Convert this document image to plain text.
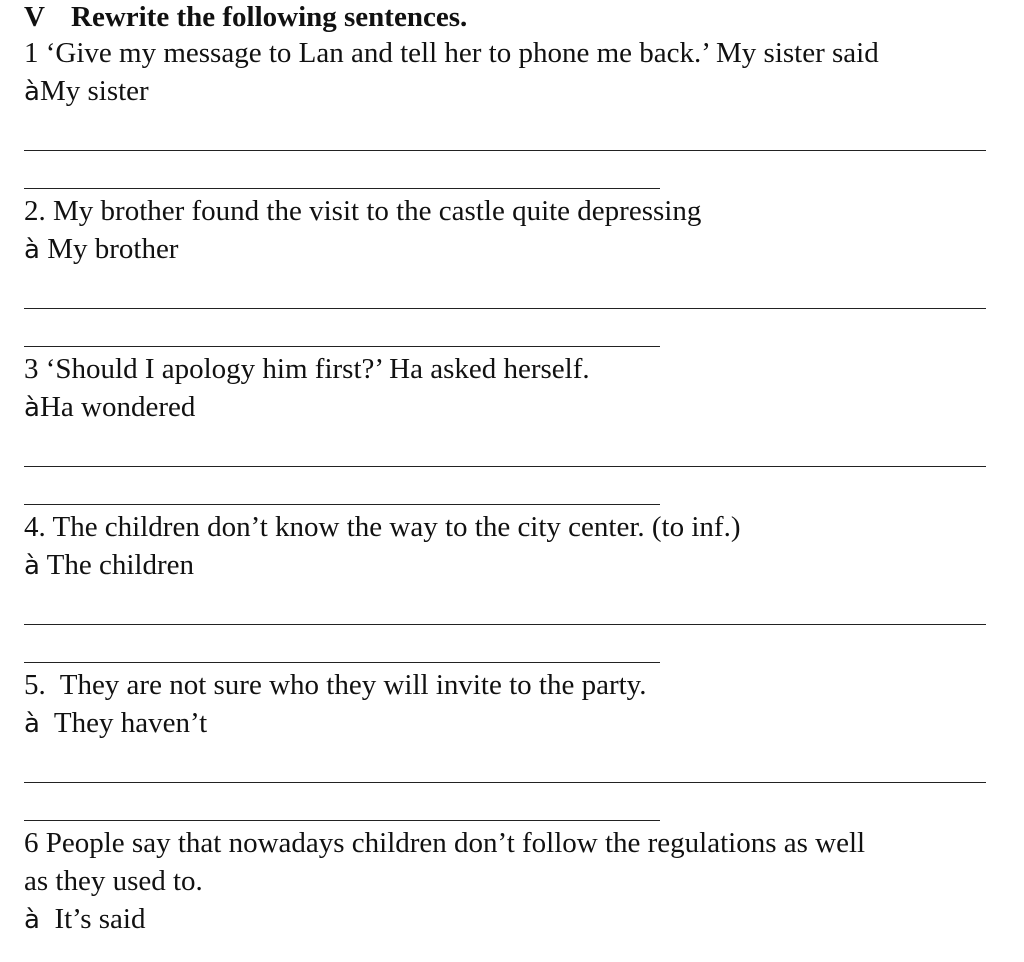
V Rewrite the following sentences.
1 ‘Give my message to Lan and tell her to phone me back.’ My sister said
àMy sister
2. My brother found the visit to the castle quite depressing
à My brother
3 ‘Should I apology him first?’ Ha asked herself.
àHa wondered
4. The children don’t know the way to the city center. (to inf.)
à The children
5.  They are not sure who they will invite to the party.
à  They haven’t
6 People say that nowadays children don’t follow the regulations as well
as they used to.
à  It’s said
